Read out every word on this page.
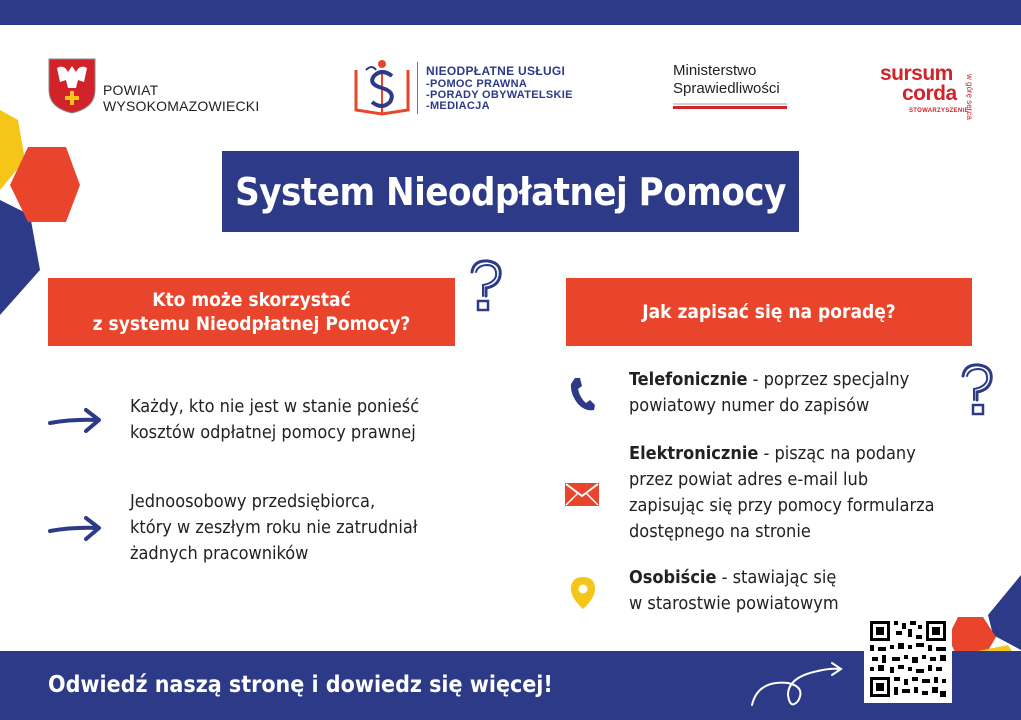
POWIAT
WYSOKOMAZOWIECKI
NIEODPŁATNE USŁUGI
-POMOC PRAWNA
-PORADY OBYWATELSKIE
-MEDIACJA
Ministerstwo
Sprawiedliwości
sursum
corda
STOWARZYSZENIE
w górę serca
System Nieodpłatnej Pomocy
Kto może skorzystać
z systemu Nieodpłatnej Pomocy?
Jak zapisać się na poradę?
Każdy, kto nie jest w stanie ponieść
kosztów odpłatnej pomocy prawnej
Jednoosobowy przedsiębiorca,
który w zeszłym roku nie zatrudniał
żadnych pracowników
Telefonicznie - poprzez specjalny
powiatowy numer do zapisów
Elektronicznie - pisząc na podany
przez powiat adres e-mail lub
zapisując się przy pomocy formularza
dostępnego na stronie
Osobiście - stawiając się
w starostwie powiatowym
Odwiedź naszą stronę i dowiedz się więcej!
